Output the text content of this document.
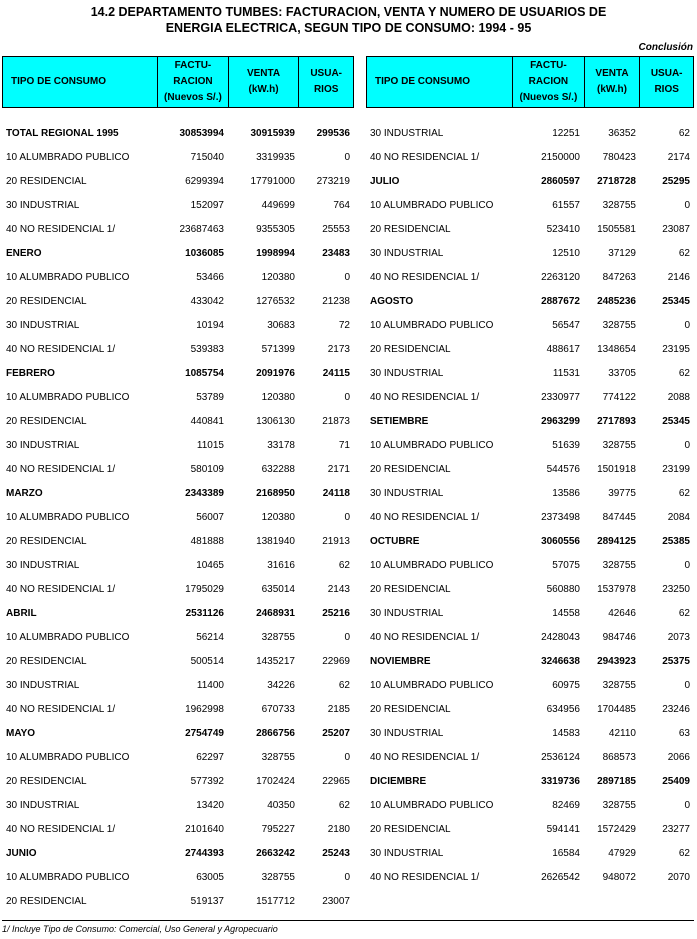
14.2 DEPARTAMENTO TUMBES: FACTURACION, VENTA Y NUMERO DE USUARIOS DE
ENERGIA ELECTRICA, SEGUN TIPO DE CONSUMO: 1994 - 95
Conclusión
TIPO DE CONSUMO
FACTU-
RACION
(Nuevos S/.)
VENTA
(kW.h)
USUA-
RIOS
TOTAL REGIONAL 1995	30853994	30915939	299536
10 ALUMBRADO PUBLICO	715040	3319935	0
20 RESIDENCIAL	6299394	17791000	273219
30 INDUSTRIAL	152097	449699	764
40 NO RESIDENCIAL 1/	23687463	9355305	25553
ENERO	1036085	1998994	23483
10 ALUMBRADO PUBLICO	53466	120380	0
20 RESIDENCIAL	433042	1276532	21238
30 INDUSTRIAL	10194	30683	72
40 NO RESIDENCIAL 1/	539383	571399	2173
FEBRERO	1085754	2091976	24115
10 ALUMBRADO PUBLICO	53789	120380	0
20 RESIDENCIAL	440841	1306130	21873
30 INDUSTRIAL	11015	33178	71
40 NO RESIDENCIAL 1/	580109	632288	2171
MARZO	2343389	2168950	24118
10 ALUMBRADO PUBLICO	56007	120380	0
20 RESIDENCIAL	481888	1381940	21913
30 INDUSTRIAL	10465	31616	62
40 NO RESIDENCIAL 1/	1795029	635014	2143
ABRIL	2531126	2468931	25216
10 ALUMBRADO PUBLICO	56214	328755	0
20 RESIDENCIAL	500514	1435217	22969
30 INDUSTRIAL	11400	34226	62
40 NO RESIDENCIAL 1/	1962998	670733	2185
MAYO	2754749	2866756	25207
10 ALUMBRADO PUBLICO	62297	328755	0
20 RESIDENCIAL	577392	1702424	22965
30 INDUSTRIAL	13420	40350	62
40 NO RESIDENCIAL 1/	2101640	795227	2180
JUNIO	2744393	2663242	25243
10 ALUMBRADO PUBLICO	63005	328755	0
20 RESIDENCIAL	519137	1517712	23007
TIPO DE CONSUMO
FACTU-
RACION
(Nuevos S/.)
VENTA
(kW.h)
USUA-
RIOS
30 INDUSTRIAL	12251	36352	62
40 NO RESIDENCIAL 1/	2150000	780423	2174
JULIO	2860597	2718728	25295
10 ALUMBRADO PUBLICO	61557	328755	0
20 RESIDENCIAL	523410	1505581	23087
30 INDUSTRIAL	12510	37129	62
40 NO RESIDENCIAL 1/	2263120	847263	2146
AGOSTO	2887672	2485236	25345
10 ALUMBRADO PUBLICO	56547	328755	0
20 RESIDENCIAL	488617	1348654	23195
30 INDUSTRIAL	11531	33705	62
40 NO RESIDENCIAL 1/	2330977	774122	2088
SETIEMBRE	2963299	2717893	25345
10 ALUMBRADO PUBLICO	51639	328755	0
20 RESIDENCIAL	544576	1501918	23199
30 INDUSTRIAL	13586	39775	62
40 NO RESIDENCIAL 1/	2373498	847445	2084
OCTUBRE	3060556	2894125	25385
10 ALUMBRADO PUBLICO	57075	328755	0
20 RESIDENCIAL	560880	1537978	23250
30 INDUSTRIAL	14558	42646	62
40 NO RESIDENCIAL 1/	2428043	984746	2073
NOVIEMBRE	3246638	2943923	25375
10 ALUMBRADO PUBLICO	60975	328755	0
20 RESIDENCIAL	634956	1704485	23246
30 INDUSTRIAL	14583	42110	63
40 NO RESIDENCIAL 1/	2536124	868573	2066
DICIEMBRE	3319736	2897185	25409
10 ALUMBRADO PUBLICO	82469	328755	0
20 RESIDENCIAL	594141	1572429	23277
30 INDUSTRIAL	16584	47929	62
40 NO RESIDENCIAL 1/	2626542	948072	2070
1/ Incluye Tipo de Consumo: Comercial, Uso General y Agropecuario
